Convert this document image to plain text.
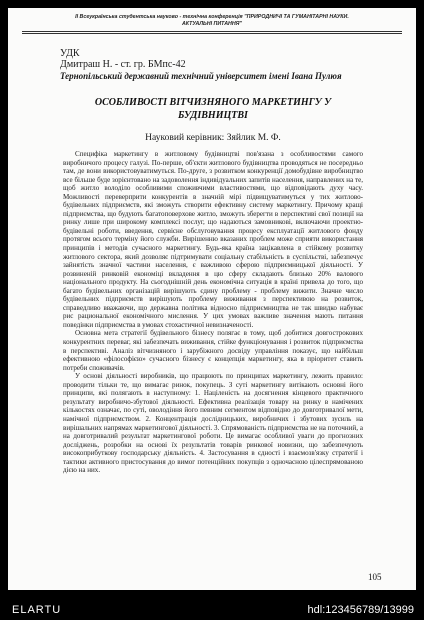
ІІ Всеукраїнська студентська науково - технічна конференція "ПРИРОДНИЧІ ТА ГУМАНІТАРНІ НАУКИ.
АКТУАЛЬНІ ПИТАННЯ"
УДК
Дмитраш Н. - ст. гр. БМпс-42
Тернопільський державний технічний університет імені Івана Пулюя
ОСОБЛИВОСТІ ВІТЧИЗНЯНОГО МАРКЕТИНГУ У БУДІВНИЦТВІ
Науковий керівник: Зяйлик М. Ф.

Специфіка маркетингу в житловому будівництві пов'язана з особливостями самого виробничого процесу галузі. По-перше, об'єкти житлового будівництва проводяться не посередньо там, де вони використовуватимуться. По-друге, з розвитком конкуренції домобудівне виробництво все більше буде зорієнтовано на задоволення індивідуальних запитів населення, направлених на те, щоб житло володіло особливими споживчими властивостями, що відповідають духу часу. Можливості переверприти конкурентів в значній мірі підвищуватимуться у тих житлово-будівельних підприємств, які зможуть створити ефективну систему маркетингу. Причому кращі підприємства, що будують багатоповерхове житло, зможуть зберегти в перспективі свої позиції на ринку лише при широкому комплексі послуг, що надаються замовникові, включаючи проектно-будівельні роботи, введення, сервісне обслуговування процесу експлуатації житлового фонду протягом всього терміну його служби. Вирішенню вказаних проблем може сприяти використання принципів і методів сучасного маркетингу. Будь-яка країна зацікавлена в стійкому розвитку житлового сектора, який дозволяє підтримувати соціальну стабільність в суспільстві, забезпечує зайнятість значної частини населення, є важливою сферою підприємницької діяльності. У розвиненій ринковій економіці вкладення в цю сферу складають близько 20% валового національного продукту. На сьогоднішній день економічна ситуація в країні привела до того, що багато будівельних організацій вирішують єдину проблему - проблему вижити. Значне число будівельних підприємств вирішують проблему виживання з перспективою на розвиток, справедливо вважаючи, що державна політика відносно підприємництва не так швидко набуває рис рациональної економічного мислення. У цих умовах важливе значення мають питання поведінки підприємства в умовах стохастичної невизначеності.

Основна мета стратегії будівельного бізнесу полягає в тому, щоб добитися довгострокових конкурентних переваг, які забезпечать виживання, стійке функціонування і розвиток підприємства в перспективі. Аналіз вітчизняного і зарубіжного досвіду управління показує, що найбільш ефективною «філософією» сучасного бізнесу є концепція маркетингу, яка в пріоритет ставить потреби споживачів.

У основі діяльності виробників, що працюють по принципах маркетингу, лежить правило: проводити тільки те, що вимагає ринок, покупець. З суті маркетингу витікають основні його принципи, які полягають в наступному: 1. Націленість на досягнення кінцевого практичного результату виробничо-збутової діяльності. Ефективна реалізація товару на ринку в намічених кількостях означає, по суті, оволодіння його певним сегментом відповідно до довготривалої мети, намічної підприємством. 2. Концентрація дослідницьких, виробничих і збутових зусиль на вирішальних напрямах маркетингової діяльності. 3. Спрямованість підприємства не на поточний, а на довготривалий результат маркетингової роботи. Це вимагає особливої уваги до прогнозних досліджень, розробки на основі їх результатів товарів ринкової новизни, що забезпечують високоприбуткову господарську діяльність. 4. Застосування в єдності і взаємозв'язку стратегії і тактики активного пристосування до вимог потенційних покупців з одночасною цілеспрямованою дією на них.

105
ELARTU	hdl:123456789/13999
